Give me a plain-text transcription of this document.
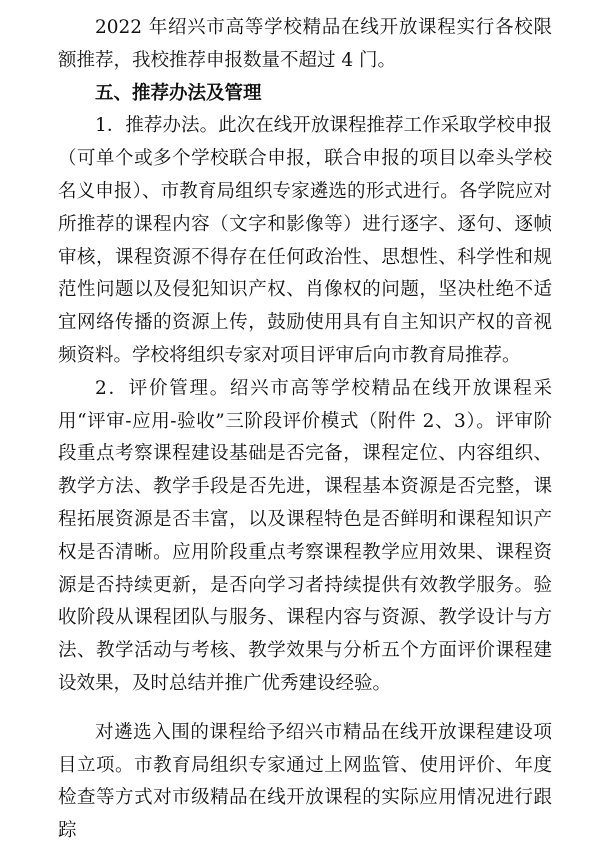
2022 年绍兴市高等学校精品在线开放课程实行各校限额推荐，我校推荐申报数量不超过 4 门。

五、推荐办法及管理

1．推荐办法。此次在线开放课程推荐工作采取学校申报（可单个或多个学校联合申报，联合申报的项目以牵头学校名义申报）、市教育局组织专家遴选的形式进行。各学院应对所推荐的课程内容（文字和影像等）进行逐字、逐句、逐帧审核，课程资源不得存在任何政治性、思想性、科学性和规范性问题以及侵犯知识产权、肖像权的问题，坚决杜绝不适宜网络传播的资源上传，鼓励使用具有自主知识产权的音视频资料。学校将组织专家对项目评审后向市教育局推荐。

2．评价管理。绍兴市高等学校精品在线开放课程采用“评审-应用-验收”三阶段评价模式（附件 2、3）。评审阶段重点考察课程建设基础是否完备，课程定位、内容组织、教学方法、教学手段是否先进，课程基本资源是否完整，课程拓展资源是否丰富，以及课程特色是否鲜明和课程知识产权是否清晰。应用阶段重点考察课程教学应用效果、课程资源是否持续更新，是否向学习者持续提供有效教学服务。验收阶段从课程团队与服务、课程内容与资源、教学设计与方法、教学活动与考核、教学效果与分析五个方面评价课程建设效果，及时总结并推广优秀建设经验。

对遴选入围的课程给予绍兴市精品在线开放课程建设项目立项。市教育局组织专家通过上网监管、使用评价、年度检查等方式对市级精品在线开放课程的实际应用情况进行跟踪
